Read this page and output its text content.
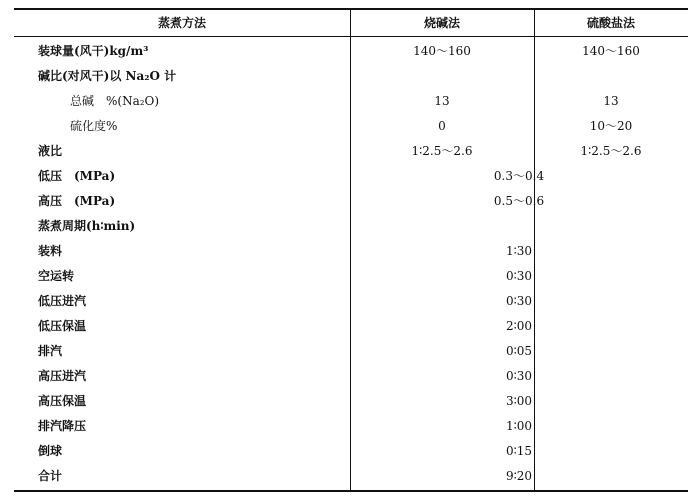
蒸煮方法	烧碱法	硫酸盐法
装球量(风干)kg/m³	140～160	140～160
碱比(对风干)以 Na₂O 计
总碱　%(Na₂O)	13	13
硫化度%	0	10～20
液比	1∶2.5～2.6	1∶2.5～2.6
低压　(MPa)	0.3～0.4
高压　(MPa)	0.5～0.6
蒸煮周期(h∶min)
装料	1∶30
空运转	0∶30
低压进汽	0∶30
低压保温	2∶00
排汽	0∶05
高压进汽	0∶30
高压保温	3∶00
排汽降压	1∶00
倒球	0∶15
合计	9∶20
